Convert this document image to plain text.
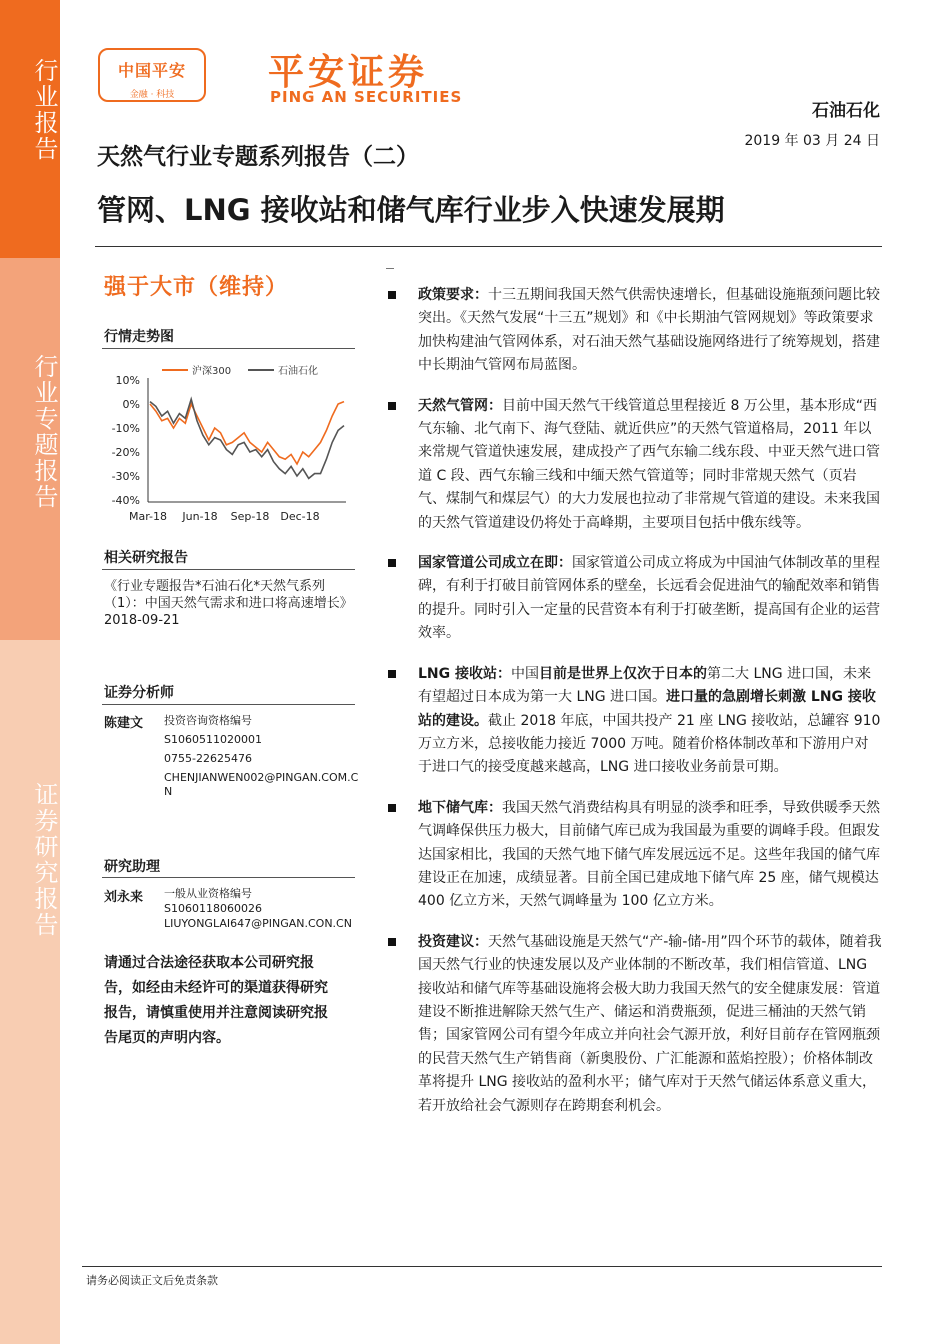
行业报告
行业专题报告
证券研究报告
中国平安
金融 · 科技
平安证券
PING AN SECURITIES
石油石化
2019 年 03 月 24 日
天然气行业专题系列报告（二）
管网、LNG 接收站和储气库行业步入快速发展期
强于大市（维持）
行情走势图
10%
0%
-10%
-20%
-30%
-40%
Mar-18 Jun-18 Sep-18 Dec-18
沪深300	石油石化
相关研究报告
《行业专题报告*石油石化*天然气系列（1）：中国天然气需求和进口将高速增长》 2018-09-21
证券分析师
陈建文 投资咨询资格编号
S1060511020001
0755-22625476
CHENJIANWEN002@PINGAN.COM.CN
研究助理
刘永来 一般从业资格编号
S1060118060026
LIUYONGLAI647@PINGAN.CON.CN
请通过合法途径获取本公司研究报告，如经由未经许可的渠道获得研究报告，请慎重使用并注意阅读研究报告尾页的声明内容。
政策要求：十三五期间我国天然气供需快速增长，但基础设施瓶颈问题比较突出。《天然气发展“十三五”规划》和《中长期油气管网规划》等政策要求加快构建油气管网体系，对石油天然气基础设施网络进行了统筹规划，搭建中长期油气管网布局蓝图。
天然气管网：目前中国天然气干线管道总里程接近 8 万公里，基本形成“西气东输、北气南下、海气登陆、就近供应”的天然气管道格局，2011 年以来常规气管道快速发展，建成投产了西气东输二线东段、中亚天然气进口管道 C 段、西气东输三线和中缅天然气管道等；同时非常规天然气（页岩气、煤制气和煤层气）的大力发展也拉动了非常规气管道的建设。未来我国的天然气管道建设仍将处于高峰期，主要项目包括中俄东线等。
国家管道公司成立在即：国家管道公司成立将成为中国油气体制改革的里程碑，有利于打破目前管网体系的壁垒，长远看会促进油气的输配效率和销售的提升。同时引入一定量的民营资本有利于打破垄断，提高国有企业的运营效率。
LNG 接收站：中国目前是世界上仅次于日本的第二大 LNG 进口国，未来有望超过日本成为第一大 LNG 进口国。进口量的急剧增长刺激 LNG 接收站的建设。截止 2018 年底，中国共投产 21 座 LNG 接收站，总罐容 910 万立方米，总接收能力接近 7000 万吨。随着价格体制改革和下游用户对于进口气的接受度越来越高，LNG 进口接收业务前景可期。
地下储气库：我国天然气消费结构具有明显的淡季和旺季，导致供暖季天然气调峰保供压力极大，目前储气库已成为我国最为重要的调峰手段。但跟发达国家相比，我国的天然气地下储气库发展远远不足。这些年我国的储气库建设正在加速，成绩显著。目前全国已建成地下储气库 25 座，储气规模达 400 亿立方米，天然气调峰量为 100 亿立方米。
投资建议：天然气基础设施是天然气“产-输-储-用”四个环节的载体，随着我国天然气行业的快速发展以及产业体制的不断改革，我们相信管道、LNG 接收站和储气库等基础设施将会极大助力我国天然气的安全健康发展：管道建设不断推进解除天然气生产、储运和消费瓶颈，促进三桶油的天然气销售；国家管网公司有望今年成立并向社会气源开放，利好目前存在管网瓶颈的民营天然气生产销售商（新奥股份、广汇能源和蓝焰控股）；价格体制改革将提升 LNG 接收站的盈利水平；储气库对于天然气储运体系意义重大，若开放给社会气源则存在跨期套利机会。
请务必阅读正文后免责条款
